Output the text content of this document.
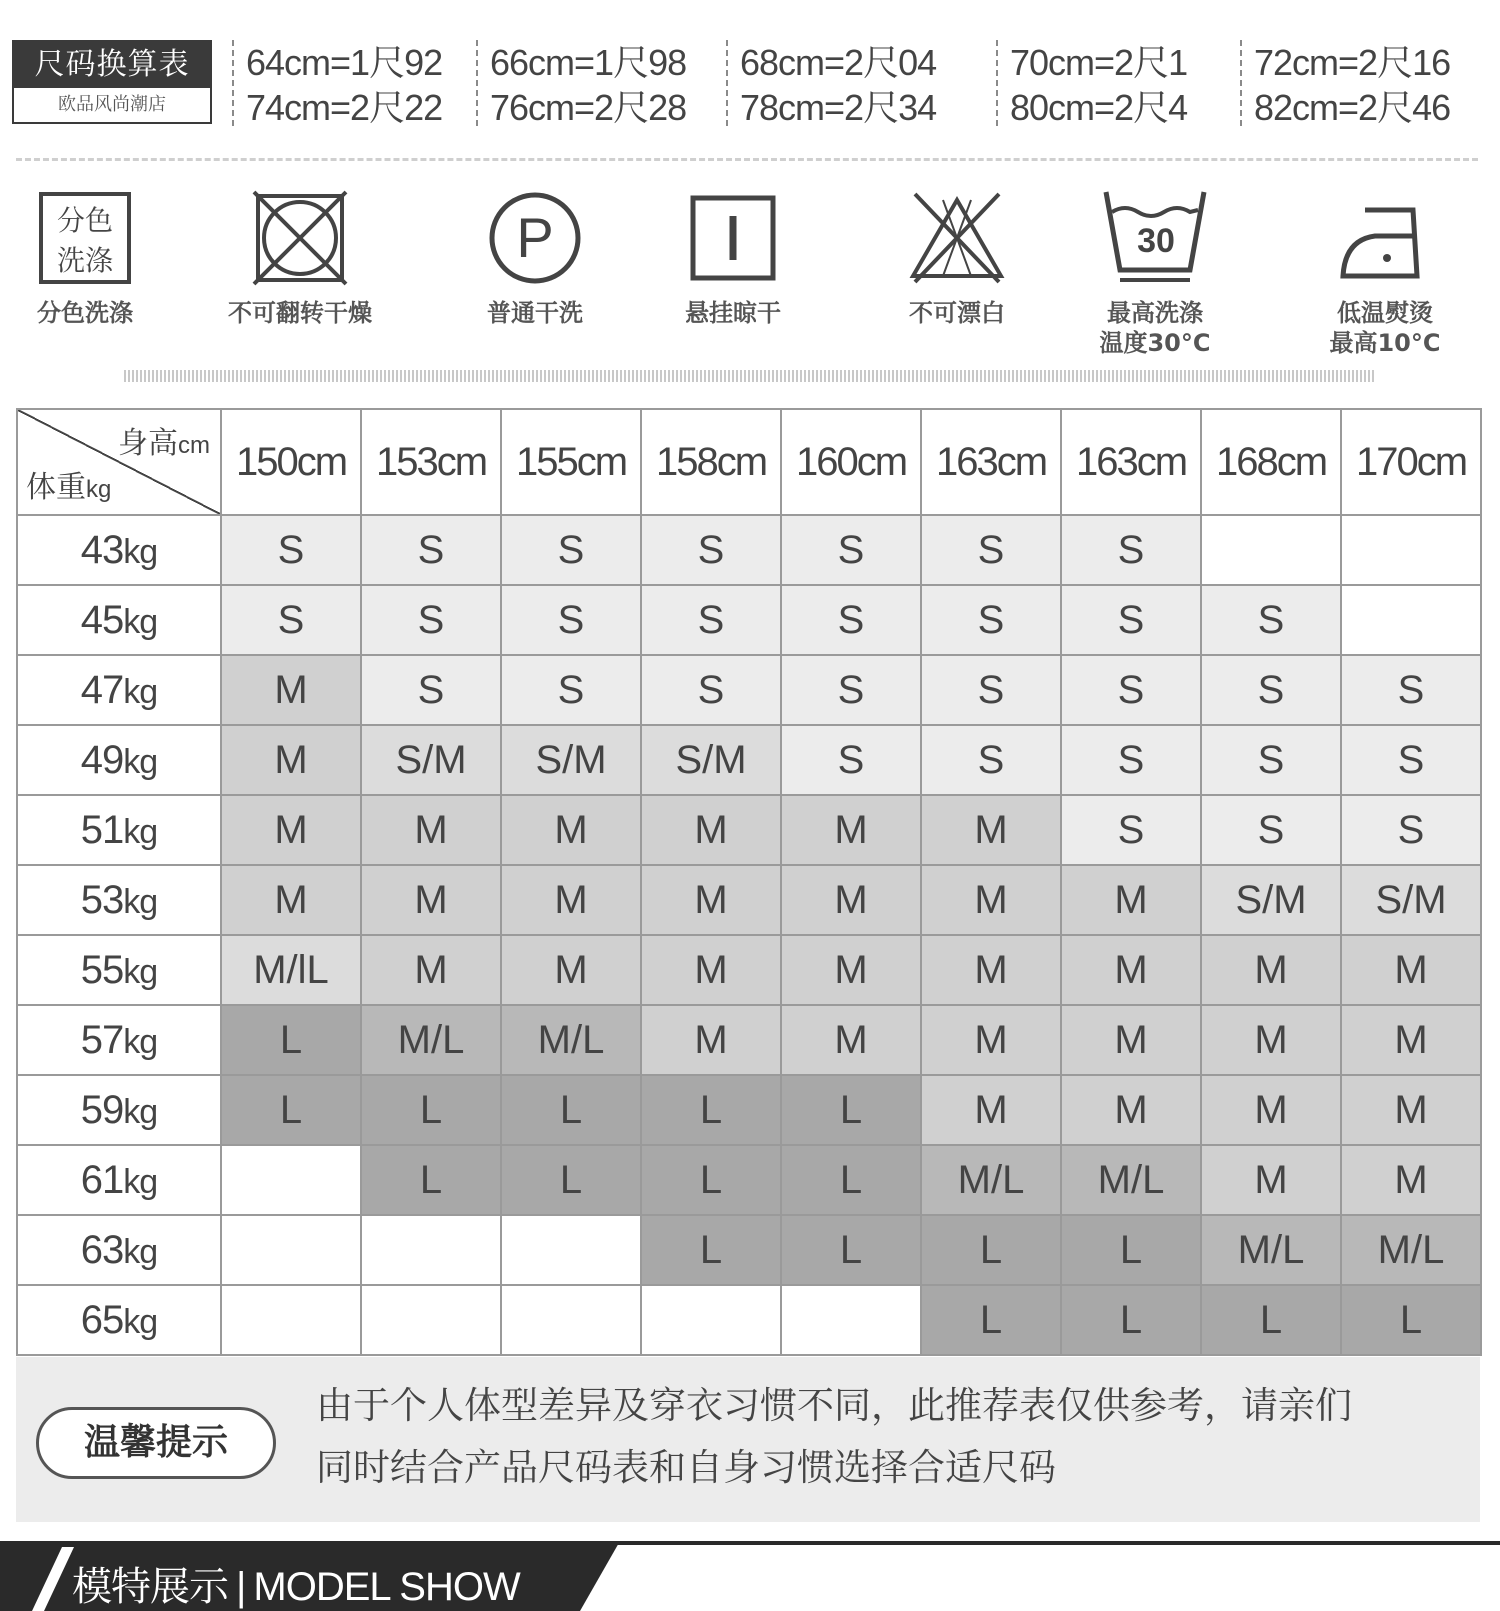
尺码换算表
欧品风尚潮店
64cm=1尺92
74cm=2尺22
66cm=1尺98
76cm=2尺28
68cm=2尺04
78cm=2尺34
70cm=2尺1
80cm=2尺4
72cm=2尺16
82cm=2尺46
分色
洗涤
分色洗涤	不可翻转干燥
P
普通干洗	悬挂晾干	不可漂白
30
最高洗涤
温度30°C
低温熨烫
最高10°C
身高cm
体重kg	150cm	153cm	155cm	158cm	160cm	163cm	163cm	168cm	170cm
43kg	S	S	S	S	S	S	S		
45kg	S	S	S	S	S	S	S	S	
47kg	M	S	S	S	S	S	S	S	S
49kg	M	S/M	S/M	S/M	S	S	S	S	S
51kg	M	M	M	M	M	M	S	S	S
53kg	M	M	M	M	M	M	M	S/M	S/M
55kg	M/lL	M	M	M	M	M	M	M	M
57kg	L	M/L	M/L	M	M	M	M	M	M
59kg	L	L	L	L	L	M	M	M	M
61kg		L	L	L	L	M/L	M/L	M	M
63kg				L	L	L	L	M/L	M/L
65kg						L	L	L	L
温馨提示
由于个人体型差异及穿衣习惯不同，此推荐表仅供参考，请亲们
同时结合产品尺码表和自身习惯选择合适尺码
模特展示 | MODEL SHOW
